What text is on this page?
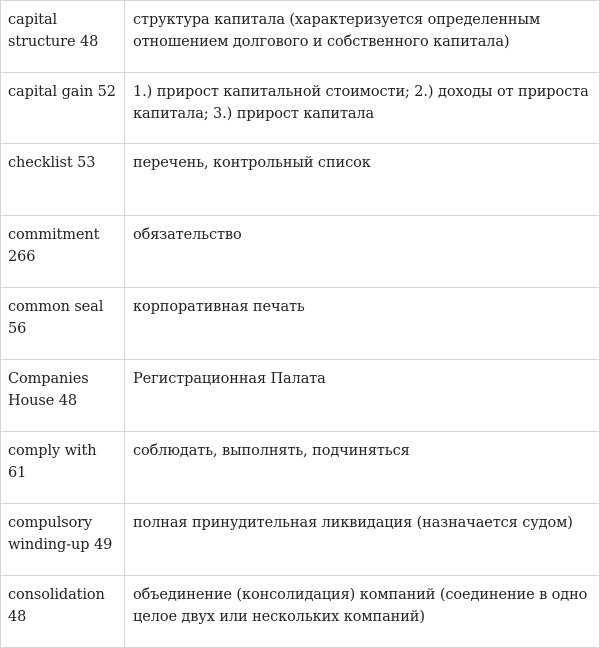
capital structure 48	структура капитала (характеризуется определенным отношением долгового и собственного капитала)
capital gain 52	1.) прирост капитальной стоимости; 2.) доходы от прироста капитала; 3.) прирост капитала
checklist 53	перечень, контрольный список
commitment 266	обязательство
common seal 56	корпоративная печать
Companies House 48	Регистрационная Палата
comply with 61	соблюдать, выполнять, подчиняться
compulsory winding-up 49	полная принудительная ликвидация (назначается судом)
consolidation 48	объединение (консолидация) компаний (соединение в одно целое двух или нескольких компаний)
